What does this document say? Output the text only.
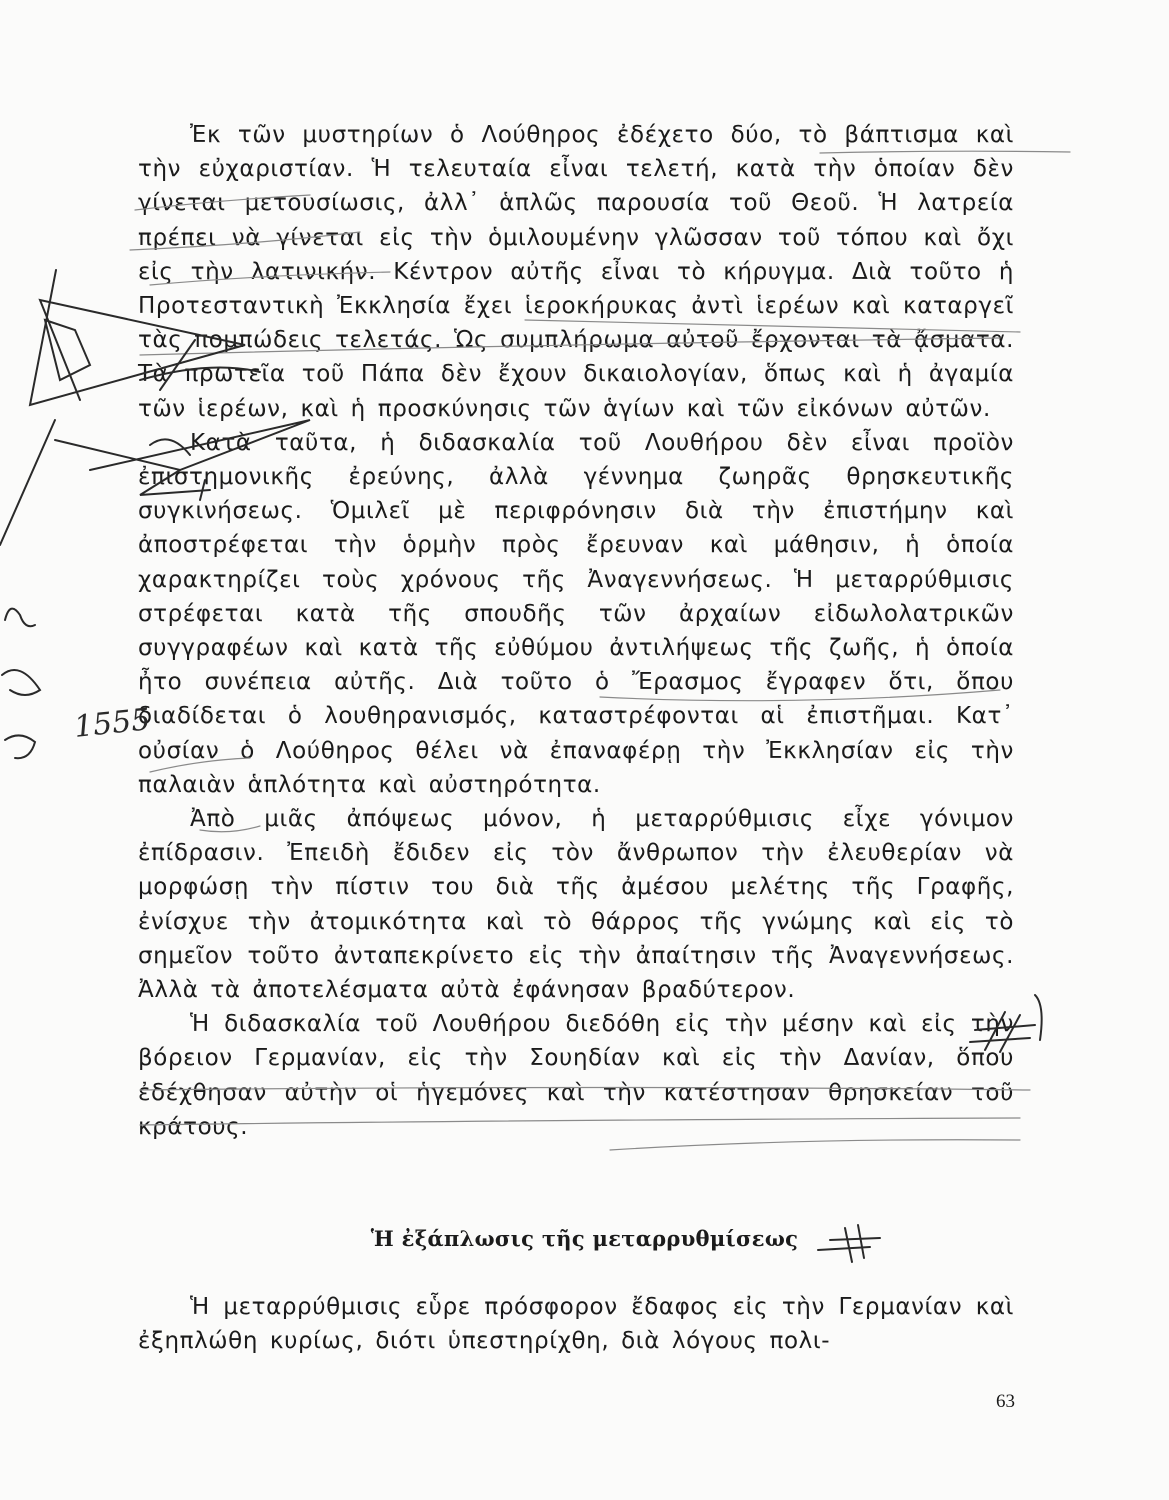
Ἐκ τῶν μυστηρίων ὁ Λούθηρος ἐδέχετο δύο, τὸ βάπτισμα καὶ τὴν εὐχαριστίαν. Ἡ τελευταία εἶναι τελετή, κατὰ τὴν ὁποίαν δὲν γίνεται μετουσίωσις, ἀλλ᾽ ἁπλῶς παρουσία τοῦ Θεοῦ. Ἡ λατρεία πρέπει νὰ γίνεται εἰς τὴν ὁμιλουμένην γλῶσσαν τοῦ τόπου καὶ ὄχι εἰς τὴν λατινικήν. Κέντρον αὐτῆς εἶναι τὸ κήρυγμα. Διὰ τοῦτο ἡ Προτεσταντικὴ Ἐκκλησία ἔχει ἱεροκήρυκας ἀντὶ ἱερέων καὶ καταργεῖ τὰς πομπώδεις τελετάς. Ὡς συμπλήρωμα αὐτοῦ ἔρχονται τὰ ᾄσματα. Τὰ πρωτεῖα τοῦ Πάπα δὲν ἔχουν δικαιολογίαν, ὅπως καὶ ἡ ἀγαμία τῶν ἱερέων, καὶ ἡ προσκύνησις τῶν ἁγίων καὶ τῶν εἰκόνων αὐτῶν.

Κατὰ ταῦτα, ἡ διδασκαλία τοῦ Λουθήρου δὲν εἶναι προϊὸν ἐπιστημονικῆς ἐρεύνης, ἀλλὰ γέννημα ζωηρᾶς θρησκευτικῆς συγκινήσεως. Ὁμιλεῖ μὲ περιφρόνησιν διὰ τὴν ἐπιστήμην καὶ ἀποστρέφεται τὴν ὁρμὴν πρὸς ἔρευναν καὶ μάθησιν, ἡ ὁποία χαρακτηρίζει τοὺς χρόνους τῆς Ἀναγεννήσεως. Ἡ μεταρρύθμισις στρέφεται κατὰ τῆς σπουδῆς τῶν ἀρχαίων εἰδωλολατρικῶν συγγραφέων καὶ κατὰ τῆς εὐθύμου ἀντιλήψεως τῆς ζωῆς, ἡ ὁποία ἦτο συνέπεια αὐτῆς. Διὰ τοῦτο ὁ Ἔρασμος ἔγραφεν ὅτι, ὅπου διαδίδεται ὁ λουθηρανισμός, καταστρέφονται αἱ ἐπιστῆμαι. Κατ᾽ οὐσίαν ὁ Λούθηρος θέλει νὰ ἐπαναφέρῃ τὴν Ἐκκλησίαν εἰς τὴν παλαιὰν ἁπλότητα καὶ αὐστηρότητα.

Ἀπὸ μιᾶς ἀπόψεως μόνον, ἡ μεταρρύθμισις εἶχε γόνιμον ἐπίδρασιν. Ἐπειδὴ ἔδιδεν εἰς τὸν ἄνθρωπον τὴν ἐλευθερίαν νὰ μορφώσῃ τὴν πίστιν του διὰ τῆς ἀμέσου μελέτης τῆς Γραφῆς, ἐνίσχυε τὴν ἀτομικότητα καὶ τὸ θάρρος τῆς γνώμης καὶ εἰς τὸ σημεῖον τοῦτο ἀνταπεκρίνετο εἰς τὴν ἀπαίτησιν τῆς Ἀναγεννήσεως. Ἀλλὰ τὰ ἀποτελέσματα αὐτὰ ἐφάνησαν βραδύτερον.

Ἡ διδασκαλία τοῦ Λουθήρου διεδόθη εἰς τὴν μέσην καὶ εἰς τὴν βόρειον Γερμανίαν, εἰς τὴν Σουηδίαν καὶ εἰς τὴν Δανίαν, ὅπου ἐδέχθησαν αὐτὴν οἱ ἡγεμόνες καὶ τὴν κατέστησαν θρησκείαν τοῦ κράτους.

Ἡ ἐξάπλωσις τῆς μεταρρυθμίσεως

Ἡ μεταρρύθμισις εὗρε πρόσφορον ἔδαφος εἰς τὴν Γερμανίαν καὶ ἐξηπλώθη κυρίως, διότι ὑπεστηρίχθη, διὰ λόγους πολι-

1555
63
